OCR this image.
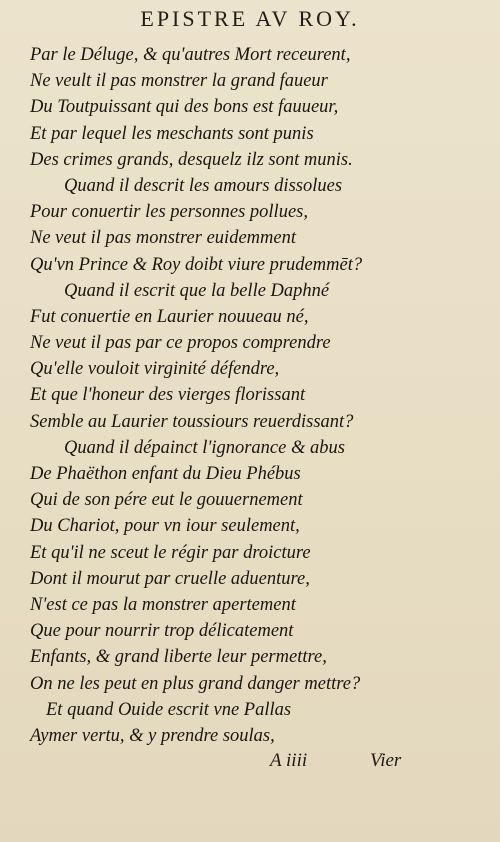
EPISTRE AV ROY.
Par le Déluge, & qu'autres Mort receurent,
Ne veult il pas monstrer la grand faueur
Du Toutpuissant qui des bons est fauueur,
Et par lequel les meschants sont punis
Des crimes grands, desquelz ilz sont munis.
Quand il descrit les amours dissolues
Pour conuertir les personnes pollues,
Ne veut il pas monstrer euidemment
Qu'vn Prince & Roy doibt viure prudemmēt?
Quand il escrit que la belle Daphné
Fut conuertie en Laurier nouueau né,
Ne veut il pas par ce propos comprendre
Qu'elle vouloit virginité défendre,
Et que l'honeur des vierges florissant
Semble au Laurier toussiours reuerdissant?
Quand il dépainct l'ignorance & abus
De Phaëthon enfant du Dieu Phébus
Qui de son pére eut le gouuernement
Du Chariot, pour vn iour seulement,
Et qu'il ne sceut le régir par droicture
Dont il mourut par cruelle aduenture,
N'est ce pas la monstrer apertement
Que pour nourrir trop délicatement
Enfants, & grand liberte leur permettre,
On ne les peut en plus grand danger mettre?
Et quand Ouide escrit vne Pallas
Aymer vertu, & y prendre soulas,
A iiii	Vier
